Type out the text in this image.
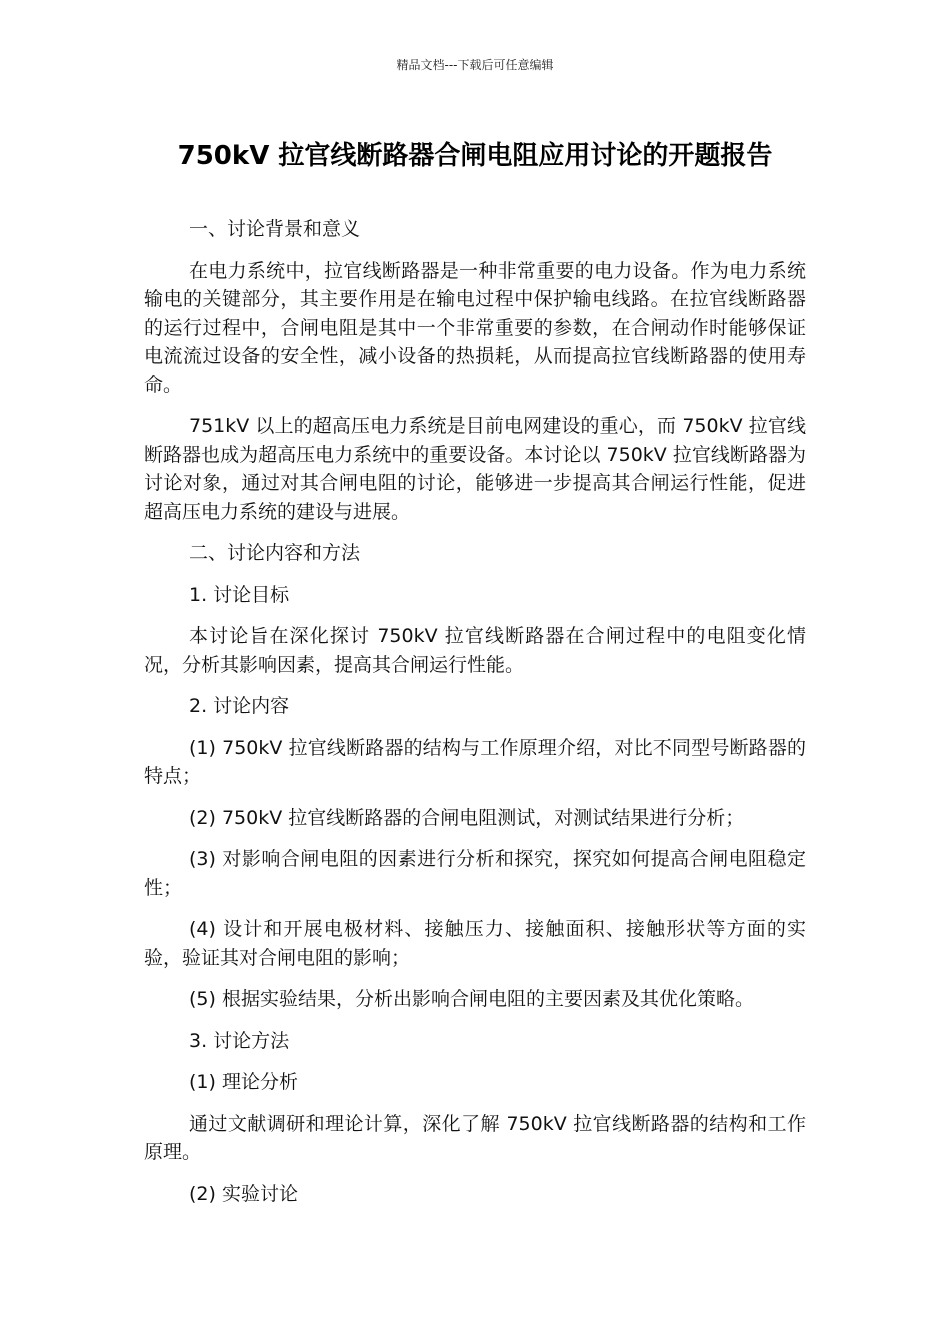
精品文档---下载后可任意编辑
750kV 拉官线断路器合闸电阻应用讨论的开题报告

一、讨论背景和意义

在电力系统中，拉官线断路器是一种非常重要的电力设备。作为电力系统输电的关键部分，其主要作用是在输电过程中保护输电线路。在拉官线断路器的运行过程中，合闸电阻是其中一个非常重要的参数，在合闸动作时能够保证电流流过设备的安全性，减小设备的热损耗，从而提高拉官线断路器的使用寿命。

751kV 以上的超高压电力系统是目前电网建设的重心，而 750kV 拉官线断路器也成为超高压电力系统中的重要设备。本讨论以 750kV 拉官线断路器为讨论对象，通过对其合闸电阻的讨论，能够进一步提高其合闸运行性能，促进超高压电力系统的建设与进展。

二、讨论内容和方法

1. 讨论目标

本讨论旨在深化探讨 750kV 拉官线断路器在合闸过程中的电阻变化情况，分析其影响因素，提高其合闸运行性能。

2. 讨论内容

(1) 750kV 拉官线断路器的结构与工作原理介绍，对比不同型号断路器的特点；

(2) 750kV 拉官线断路器的合闸电阻测试，对测试结果进行分析；

(3) 对影响合闸电阻的因素进行分析和探究，探究如何提高合闸电阻稳定性；

(4) 设计和开展电极材料、接触压力、接触面积、接触形状等方面的实验，验证其对合闸电阻的影响；

(5) 根据实验结果，分析出影响合闸电阻的主要因素及其优化策略。

3. 讨论方法

(1) 理论分析

通过文献调研和理论计算，深化了解 750kV 拉官线断路器的结构和工作原理。

(2) 实验讨论
